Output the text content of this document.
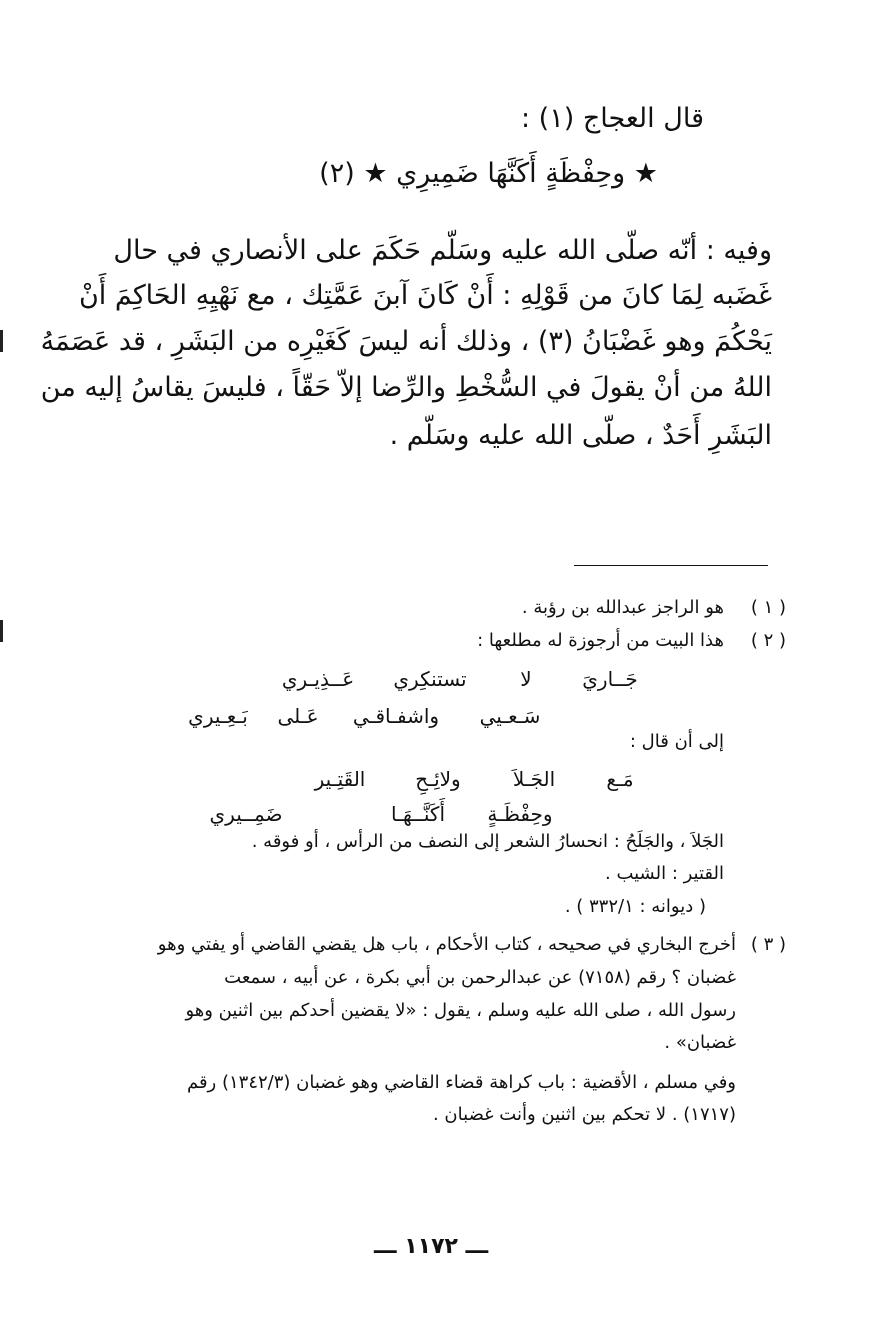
قال العجاج (١) :
★ وحِفْظَةٍ أَكَنَّهَا ضَمِيرِي ★ (٢)
وفيه : أنّه صلّى الله عليه وسَلّم حَكَمَ على الأنصاري في حال
غَضَبه لِمَا كانَ من قَوْلِهِ : أَنْ كَانَ آبنَ عَمَّتِك ، مع نَهْيِهِ الحَاكِمَ أَنْ
يَحْكُمَ وهو غَضْبَانُ (٣) ، وذلك أنه ليسَ كَغَيْرِه من البَشَرِ ، قد عَصَمَهُ
اللهُ من أنْ يقولَ في السُّخْطِ والرِّضا إلاّ حَقّاً ، فليسَ يقاسُ إليه من
البَشَرِ أَحَدٌ ، صلّى الله عليه وسَلّم .
( ١ )
هو الراجز عبدالله بن رؤبة .
( ٢ )
هذا البيت من أرجوزة له مطلعها :
جَــاريَ
لا
تستنكِري
عَــذِيـري
سَـعـيي
واشفـاقـي
عَـلى
بَـعِـيري
إلى أن قال :
مَـع
الجَـلاَ
ولائِـحِ
القَتِـير
وحِفْظَـةٍ
أَكَنَّــهَـا
ضَمِــيري
الجَلاَ ، والجَلَحُ : انحسارُ الشعر إلى النصف من الرأس ، أو فوقه .
القتير : الشيب .
( ديوانه : ٣٣٢/١ ) .
( ٣ )
أخرج البخاري في صحيحه ، كتاب الأحكام ، باب هل يقضي القاضي أو يفتي وهو
غضبان ؟ رقم (٧١٥٨) عن عبدالرحمن بن أبي بكرة ، عن أبيه ، سمعت
رسول الله ، صلى الله عليه وسلم ، يقول : «لا يقضين أحدكم بين اثنين وهو
غضبان» .
وفي مسلم ، الأقضية : باب كراهة قضاء القاضي وهو غضبان (١٣٤٢/٣) رقم
(١٧١٧) . لا تحكم بين اثنين وأنت غضبان .
ـــ ١١٧٢ ـــ
